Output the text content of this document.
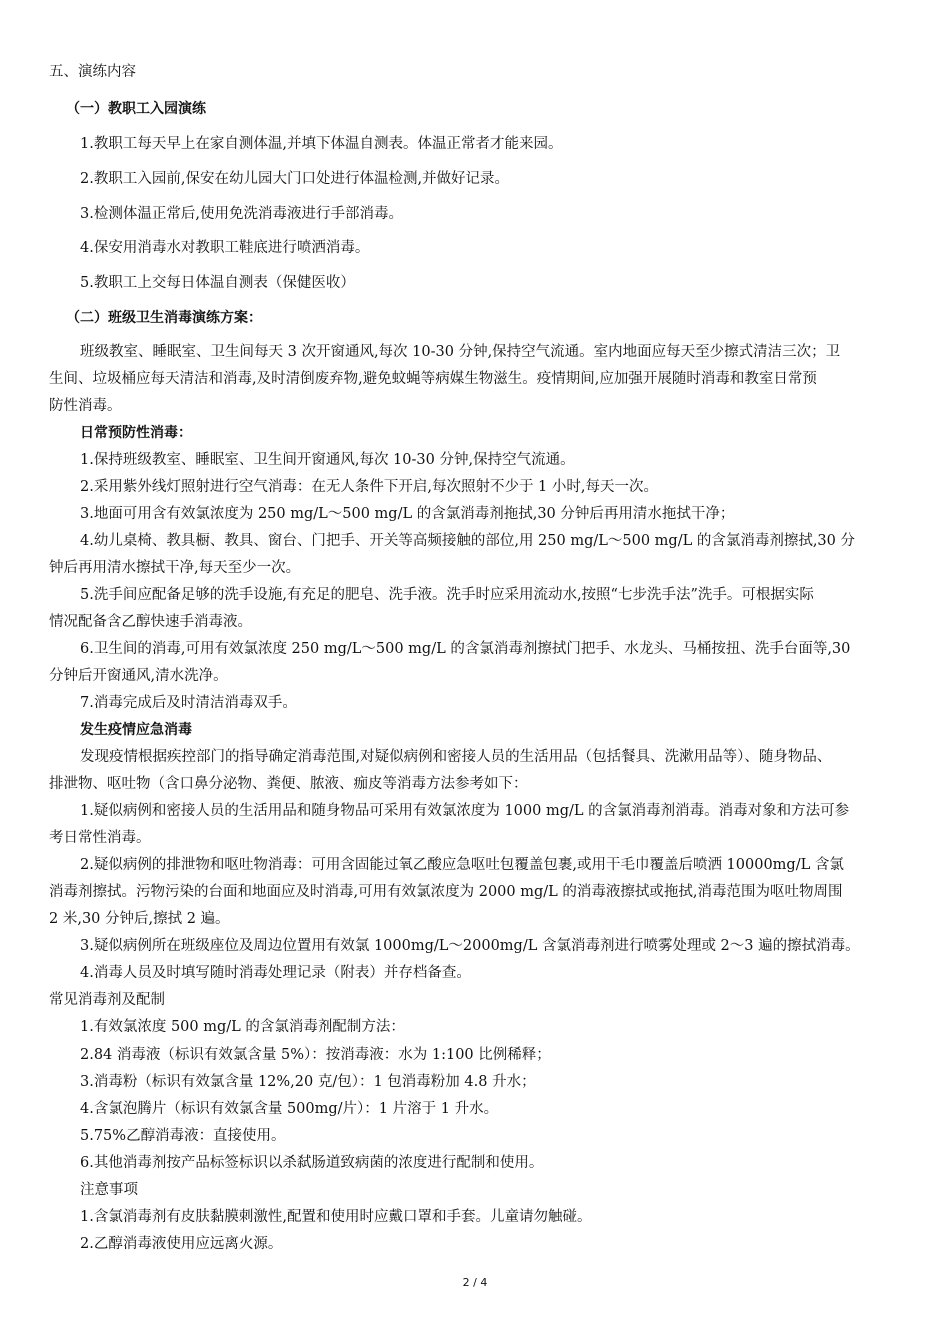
五、演练内容
（一）教职工入园演练
1.教职工每天早上在家自测体温,并填下体温自测表。体温正常者才能来园。
2.教职工入园前,保安在幼儿园大门口处进行体温检测,并做好记录。
3.检测体温正常后,使用免洗消毒液进行手部消毒。
4.保安用消毒水对教职工鞋底进行喷洒消毒。
5.教职工上交每日体温自测表（保健医收）
（二）班级卫生消毒演练方案：
班级教室、睡眠室、卫生间每天 3 次开窗通风,每次 10-30 分钟,保持空气流通。室内地面应每天至少擦式清洁三次；卫
生间、垃圾桶应每天清洁和消毒,及时清倒废弃物,避免蚊蝇等病媒生物滋生。疫情期间,应加强开展随时消毒和教室日常预
防性消毒。
日常预防性消毒：
1.保持班级教室、睡眠室、卫生间开窗通风,每次 10-30 分钟,保持空气流通。
2.采用紫外线灯照射进行空气消毒：在无人条件下开启,每次照射不少于 1 小时,每天一次。
3.地面可用含有效氯浓度为 250 mg/L～500 mg/L 的含氯消毒剂拖拭,30 分钟后再用清水拖拭干净；
4.幼儿桌椅、教具橱、教具、窗台、门把手、开关等高频接触的部位,用 250 mg/L～500 mg/L 的含氯消毒剂擦拭,30 分
钟后再用清水擦拭干净,每天至少一次。
5.洗手间应配备足够的洗手设施,有充足的肥皂、洗手液。洗手时应采用流动水,按照“七步洗手法”洗手。可根据实际
情况配备含乙醇快速手消毒液。
6.卫生间的消毒,可用有效氯浓度 250 mg/L～500 mg/L 的含氯消毒剂擦拭门把手、水龙头、马桶按扭、洗手台面等,30
分钟后开窗通风,清水洗净。
7.消毒完成后及时清洁消毒双手。
发生疫情应急消毒
发现疫情根据疾控部门的指导确定消毒范围,对疑似病例和密接人员的生活用品（包括餐具、洗漱用品等）、随身物品、
排泄物、呕吐物（含口鼻分泌物、粪便、脓液、痂皮等消毒方法参考如下：
1.疑似病例和密接人员的生活用品和随身物品可采用有效氯浓度为 1000 mg/L 的含氯消毒剂消毒。消毒对象和方法可参
考日常性消毒。
2.疑似病例的排泄物和呕吐物消毒：可用含固能过氧乙酸应急呕吐包覆盖包裹,或用干毛巾覆盖后喷洒 10000mg/L 含氯
消毒剂擦拭。污物污染的台面和地面应及时消毒,可用有效氯浓度为 2000 mg/L 的消毒液擦拭或拖拭,消毒范围为呕吐物周围
2 米,30 分钟后,擦拭 2 遍。
3.疑似病例所在班级座位及周边位置用有效氯 1000mg/L～2000mg/L 含氯消毒剂进行喷雾处理或 2～3 遍的擦拭消毒。
4.消毒人员及时填写随时消毒处理记录（附表）并存档备查。
常见消毒剂及配制
1.有效氯浓度 500 mg/L 的含氯消毒剂配制方法：
2.84 消毒液（标识有效氯含量 5%）：按消毒液：水为 1:100 比例稀释；
3.消毒粉（标识有效氯含量 12%,20 克/包）：1 包消毒粉加 4.8 升水；
4.含氯泡腾片（标识有效氯含量 500mg/片）：1 片溶于 1 升水。
5.75%乙醇消毒液：直接使用。
6.其他消毒剂按产品标签标识以杀弑肠道致病菌的浓度进行配制和使用。
注意事项
1.含氯消毒剂有皮肤黏膜刺激性,配置和使用时应戴口罩和手套。儿童请勿触碰。
2.乙醇消毒液使用应远离火源。
2 / 4
